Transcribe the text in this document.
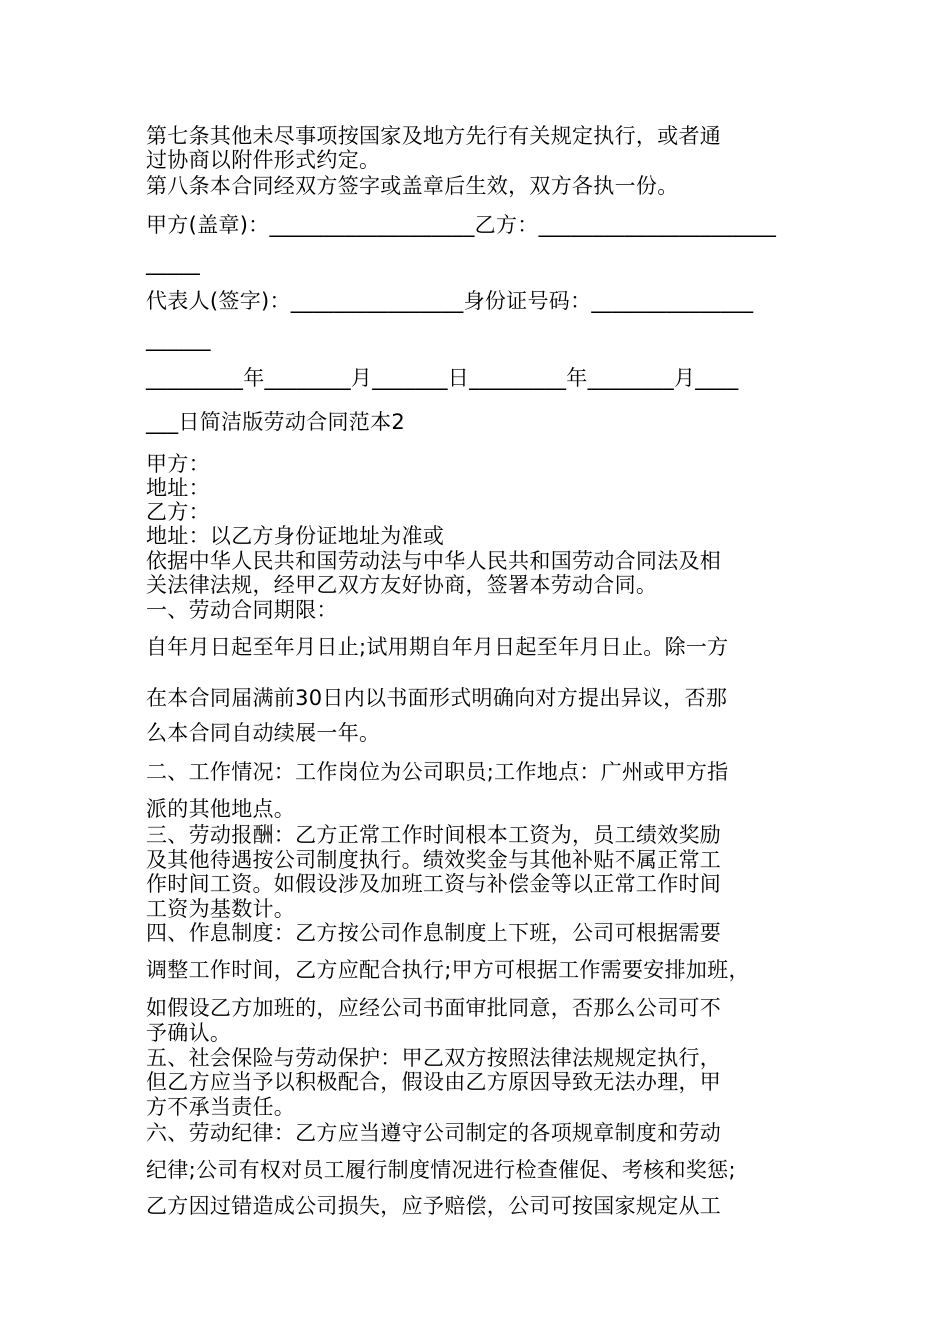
第七条其他未尽事项按国家及地方先行有关规定执行，或者通

过协商以附件形式约定。

第八条本合同经双方签字或盖章后生效，双方各执一份。

甲方(盖章)：___________________乙方：______________________

_____

代表人(签字)：________________身份证号码：_______________

______

_________年________月_______日_________年________月____

___日简洁版劳动合同范本2

甲方：

地址：

乙方：

地址：以乙方身份证地址为准或

依据中华人民共和国劳动法与中华人民共和国劳动合同法及相

关法律法规，经甲乙双方友好协商，签署本劳动合同。

一、劳动合同期限：

自年月日起至年月日止;试用期自年月日起至年月日止。除一方

在本合同届满前30日内以书面形式明确向对方提出异议，否那

么本合同自动续展一年。

二、工作情况：工作岗位为公司职员;工作地点：广州或甲方指

派的其他地点。

三、劳动报酬：乙方正常工作时间根本工资为，员工绩效奖励

及其他待遇按公司制度执行。绩效奖金与其他补贴不属正常工

作时间工资。如假设涉及加班工资与补偿金等以正常工作时间

工资为基数计。

四、作息制度：乙方按公司作息制度上下班，公司可根据需要

调整工作时间，乙方应配合执行;甲方可根据工作需要安排加班，

如假设乙方加班的，应经公司书面审批同意，否那么公司可不

予确认。

五、社会保险与劳动保护：甲乙双方按照法律法规规定执行，

但乙方应当予以积极配合，假设由乙方原因导致无法办理，甲

方不承当责任。

六、劳动纪律：乙方应当遵守公司制定的各项规章制度和劳动

纪律;公司有权对员工履行制度情况进行检查催促、考核和奖惩;

乙方因过错造成公司损失，应予赔偿，公司可按国家规定从工
